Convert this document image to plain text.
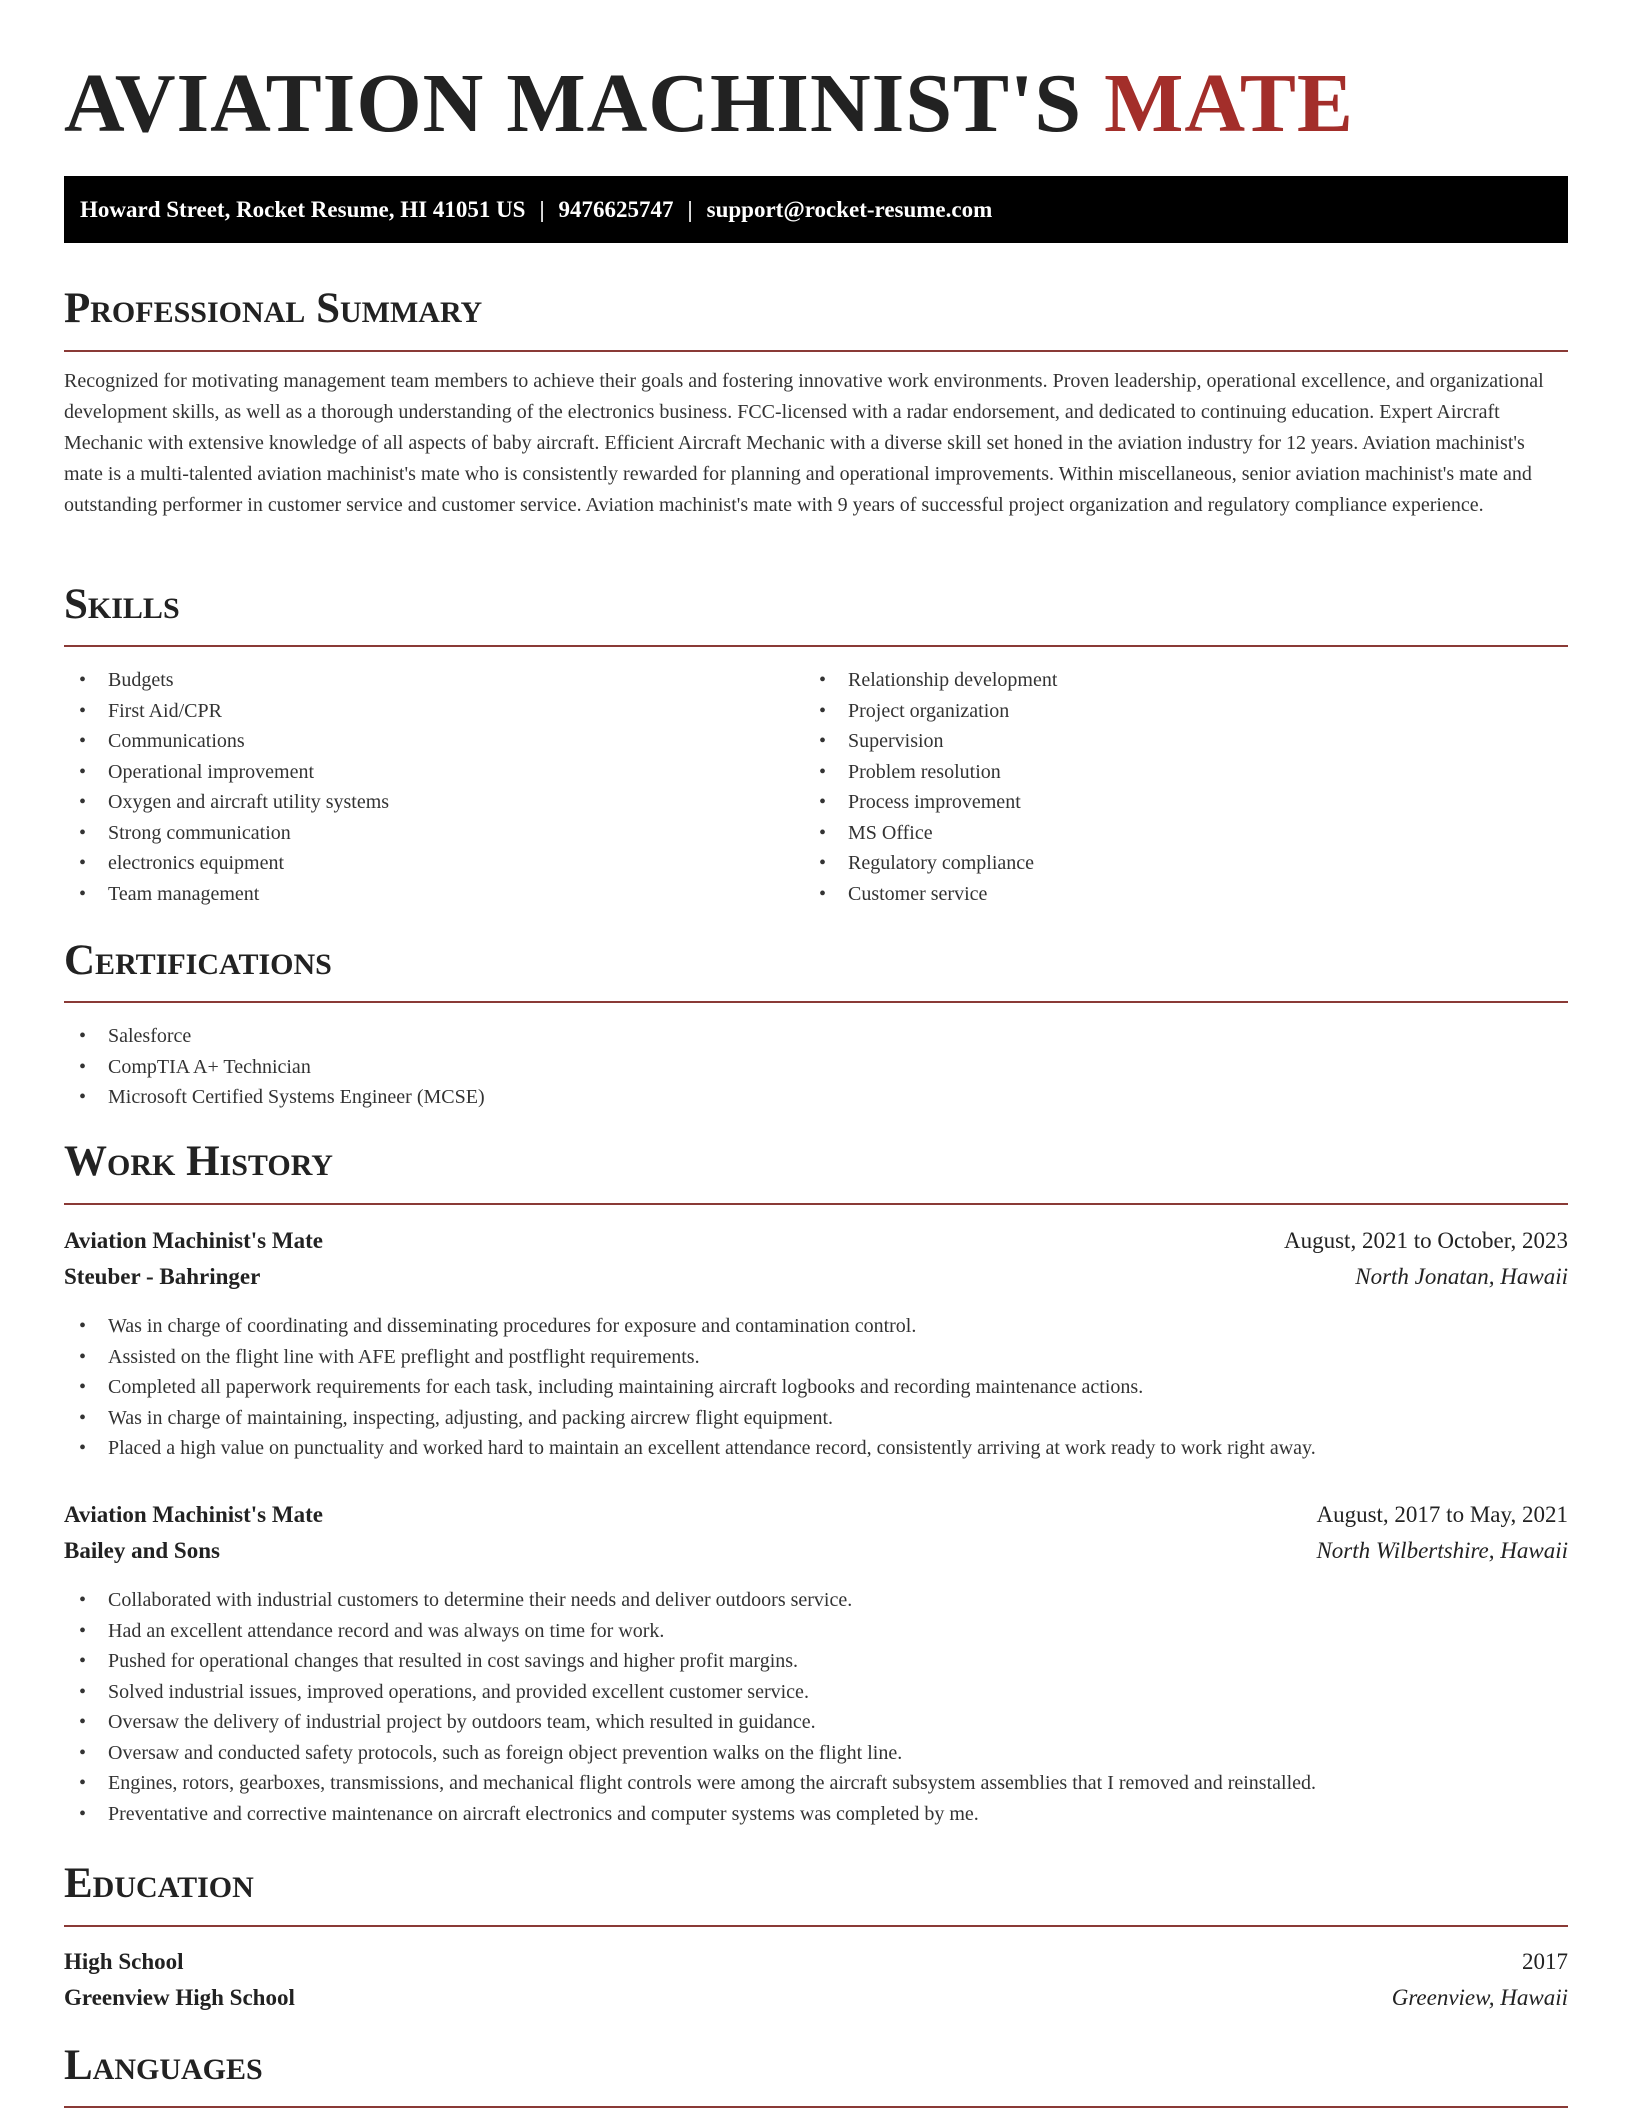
AVIATION MACHINIST'S MATE
Howard Street, Rocket Resume, HI 41051 US | 9476625747 | support@rocket-resume.com
Professional Summary

Recognized for motivating management team members to achieve their goals and fostering innovative work environments. Proven leadership, operational excellence, and organizational development skills, as well as a thorough understanding of the electronics business. FCC-licensed with a radar endorsement, and dedicated to continuing education. Expert Aircraft Mechanic with extensive knowledge of all aspects of baby aircraft. Efficient Aircraft Mechanic with a diverse skill set honed in the aviation industry for 12 years. Aviation machinist's mate is a multi-talented aviation machinist's mate who is consistently rewarded for planning and operational improvements. Within miscellaneous, senior aviation machinist's mate and outstanding performer in customer service and customer service. Aviation machinist's mate with 9 years of successful project organization and regulatory compliance experience.

Skills
• Budgets
• First Aid/CPR
• Communications
• Operational improvement
• Oxygen and aircraft utility systems
• Strong communication
• electronics equipment
• Team management
• Relationship development
• Project organization
• Supervision
• Problem resolution
• Process improvement
• MS Office
• Regulatory compliance
• Customer service
Certifications
• Salesforce
• CompTIA A+ Technician
• Microsoft Certified Systems Engineer (MCSE)
Work History
Aviation Machinist's Mate	August, 2021 to October, 2023
Steuber - Bahringer	North Jonatan, Hawaii
• Was in charge of coordinating and disseminating procedures for exposure and contamination control.
• Assisted on the flight line with AFE preflight and postflight requirements.
• Completed all paperwork requirements for each task, including maintaining aircraft logbooks and recording maintenance actions.
• Was in charge of maintaining, inspecting, adjusting, and packing aircrew flight equipment.
• Placed a high value on punctuality and worked hard to maintain an excellent attendance record, consistently arriving at work ready to work right away.
Aviation Machinist's Mate	August, 2017 to May, 2021
Bailey and Sons	North Wilbertshire, Hawaii
• Collaborated with industrial customers to determine their needs and deliver outdoors service.
• Had an excellent attendance record and was always on time for work.
• Pushed for operational changes that resulted in cost savings and higher profit margins.
• Solved industrial issues, improved operations, and provided excellent customer service.
• Oversaw the delivery of industrial project by outdoors team, which resulted in guidance.
• Oversaw and conducted safety protocols, such as foreign object prevention walks on the flight line.
• Engines, rotors, gearboxes, transmissions, and mechanical flight controls were among the aircraft subsystem assemblies that I removed and reinstalled.
• Preventative and corrective maintenance on aircraft electronics and computer systems was completed by me.
Education
High School	2017
Greenview High School	Greenview, Hawaii
Languages
